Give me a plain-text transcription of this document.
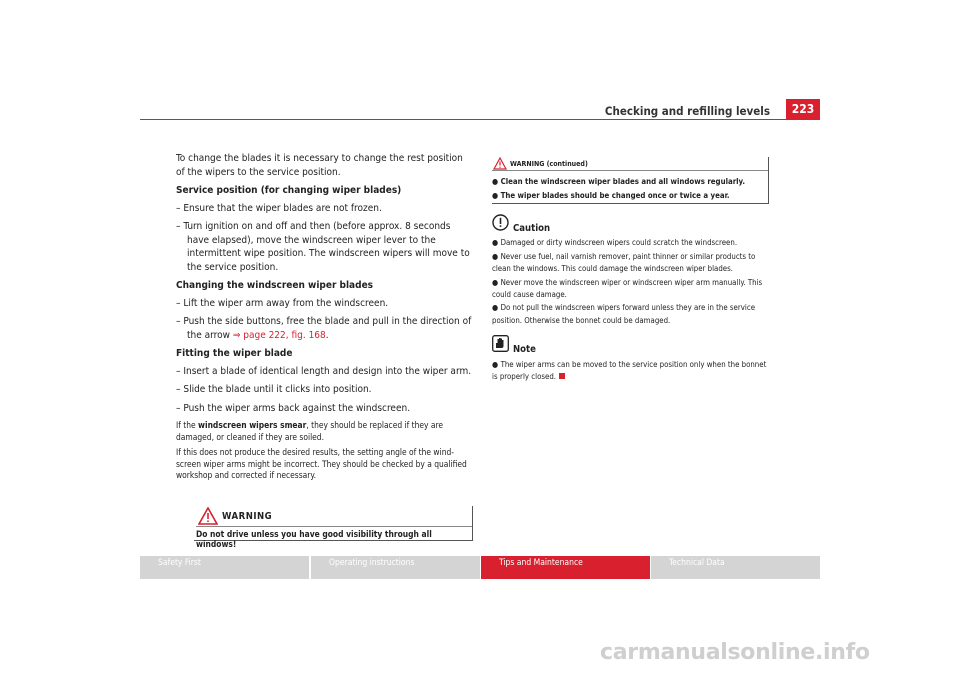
Checking and refilling levels	223

To change the blades it is necessary to change the rest position of the wipers to the service position.

Service position (for changing wiper blades)

– Ensure that the wiper blades are not frozen.

– Turn ignition on and off and then (before approx. 8 seconds have elapsed), move the windscreen wiper lever to the intermittent wipe position. The windscreen wipers will move to the service position.

Changing the windscreen wiper blades

– Lift the wiper arm away from the windscreen.

– Push the side buttons, free the blade and pull in the direction of the arrow ⇒ page 222, fig. 168.

Fitting the wiper blade

– Insert a blade of identical length and design into the wiper arm.

– Slide the blade until it clicks into position.

– Push the wiper arms back against the windscreen.

If the windscreen wipers smear, they should be replaced if they are damaged, or cleaned if they are soiled.

If this does not produce the desired results, the setting angle of the wind-screen wiper arms might be incorrect. They should be checked by a qualified workshop and corrected if necessary.

WARNING
Do not drive unless you have good visibility through all windows!
WARNING (continued)
● Clean the windscreen wiper blades and all windows regularly.
● The wiper blades should be changed once or twice a year.
Caution

● Damaged or dirty windscreen wipers could scratch the windscreen.

● Never use fuel, nail varnish remover, paint thinner or similar products to clean the windows. This could damage the windscreen wiper blades.

● Never move the windscreen wiper or windscreen wiper arm manually. This could cause damage.

● Do not pull the windscreen wipers forward unless they are in the service position. Otherwise the bonnet could be damaged.

Note

● The wiper arms can be moved to the service position only when the bonnet is properly closed.

Safety First	Operating instructions	Tips and Maintenance	Technical Data
carmanualsonline.info
